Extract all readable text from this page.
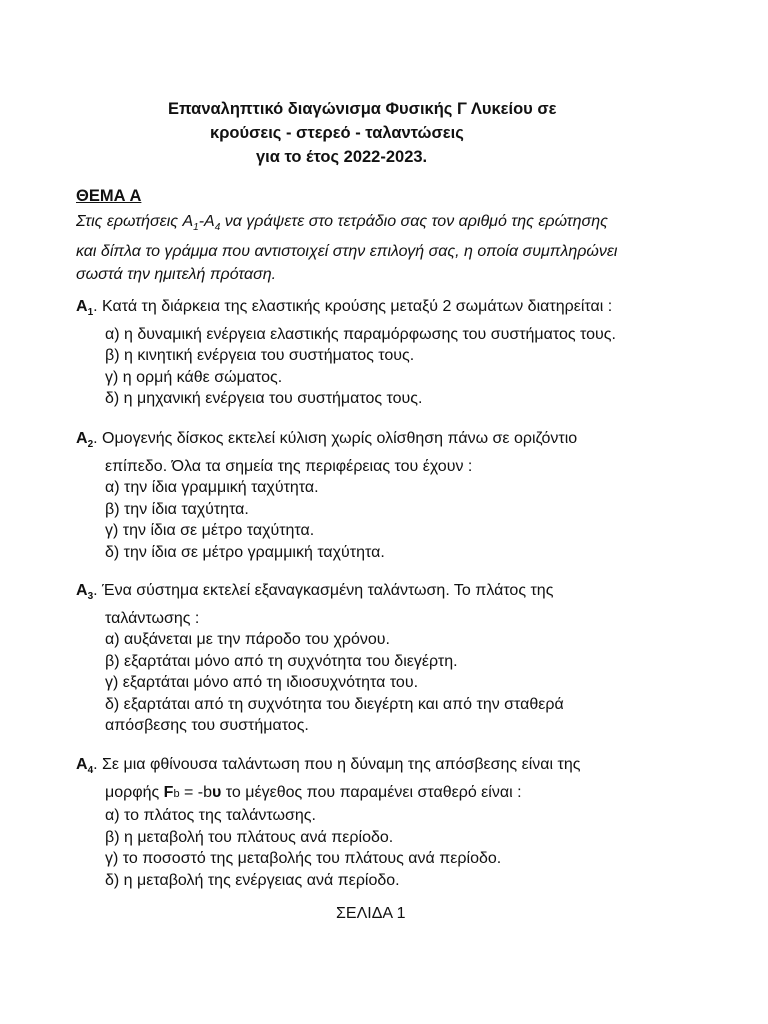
Επαναληπτικό διαγώνισμα Φυσικής Γ Λυκείου σε
κρούσεις - στερεό - ταλαντώσεις
για το έτος 2022-2023.
ΘΕΜΑ Α
Στις ερωτήσεις $A_1-A_4$ να γράψετε στο τετράδιο σας τον αριθμό της ερώτησης
και δίπλα το γράμμα που αντιστοιχεί στην επιλογή σας, η οποία συμπληρώνει
σωστά την ημιτελή πρόταση.
$A_1$. Κατά τη διάρκεια της ελαστικής κρούσης μεταξύ 2 σωμάτων διατηρείται :
α) η δυναμική ενέργεια ελαστικής παραμόρφωσης του συστήματος τους.
β) η κινητική ενέργεια του συστήματος τους.
γ) η ορμή κάθε σώματος.
δ) η μηχανική ενέργεια του συστήματος τους.
$A_2$. Ομογενής δίσκος εκτελεί κύλιση χωρίς ολίσθηση πάνω σε οριζόντιο
επίπεδο. Όλα τα σημεία της περιφέρειας του έχουν :
α) την ίδια γραμμική ταχύτητα.
β) την ίδια ταχύτητα.
γ) την ίδια σε μέτρο ταχύτητα.
δ) την ίδια σε μέτρο γραμμική ταχύτητα.
$A_3$. Ένα σύστημα εκτελεί εξαναγκασμένη ταλάντωση. Το πλάτος της
ταλάντωσης :
α) αυξάνεται με την πάροδο του χρόνου.
β) εξαρτάται μόνο από τη συχνότητα του διεγέρτη.
γ) εξαρτάται μόνο από τη ιδιοσυχνότητα του.
δ) εξαρτάται από τη συχνότητα του διεγέρτη και από την σταθερά
απόσβεσης του συστήματος.
$A_4$. Σε μια φθίνουσα ταλάντωση που η δύναμη της απόσβεσης είναι της
μορφής Fb = -bυ το μέγεθος που παραμένει σταθερό είναι :
α) το πλάτος της ταλάντωσης.
β) η μεταβολή του πλάτους ανά περίοδο.
γ) το ποσοστό της μεταβολής του πλάτους ανά περίοδο.
δ) η μεταβολή της ενέργειας ανά περίοδο.
ΣΕΛΙΔΑ 1
